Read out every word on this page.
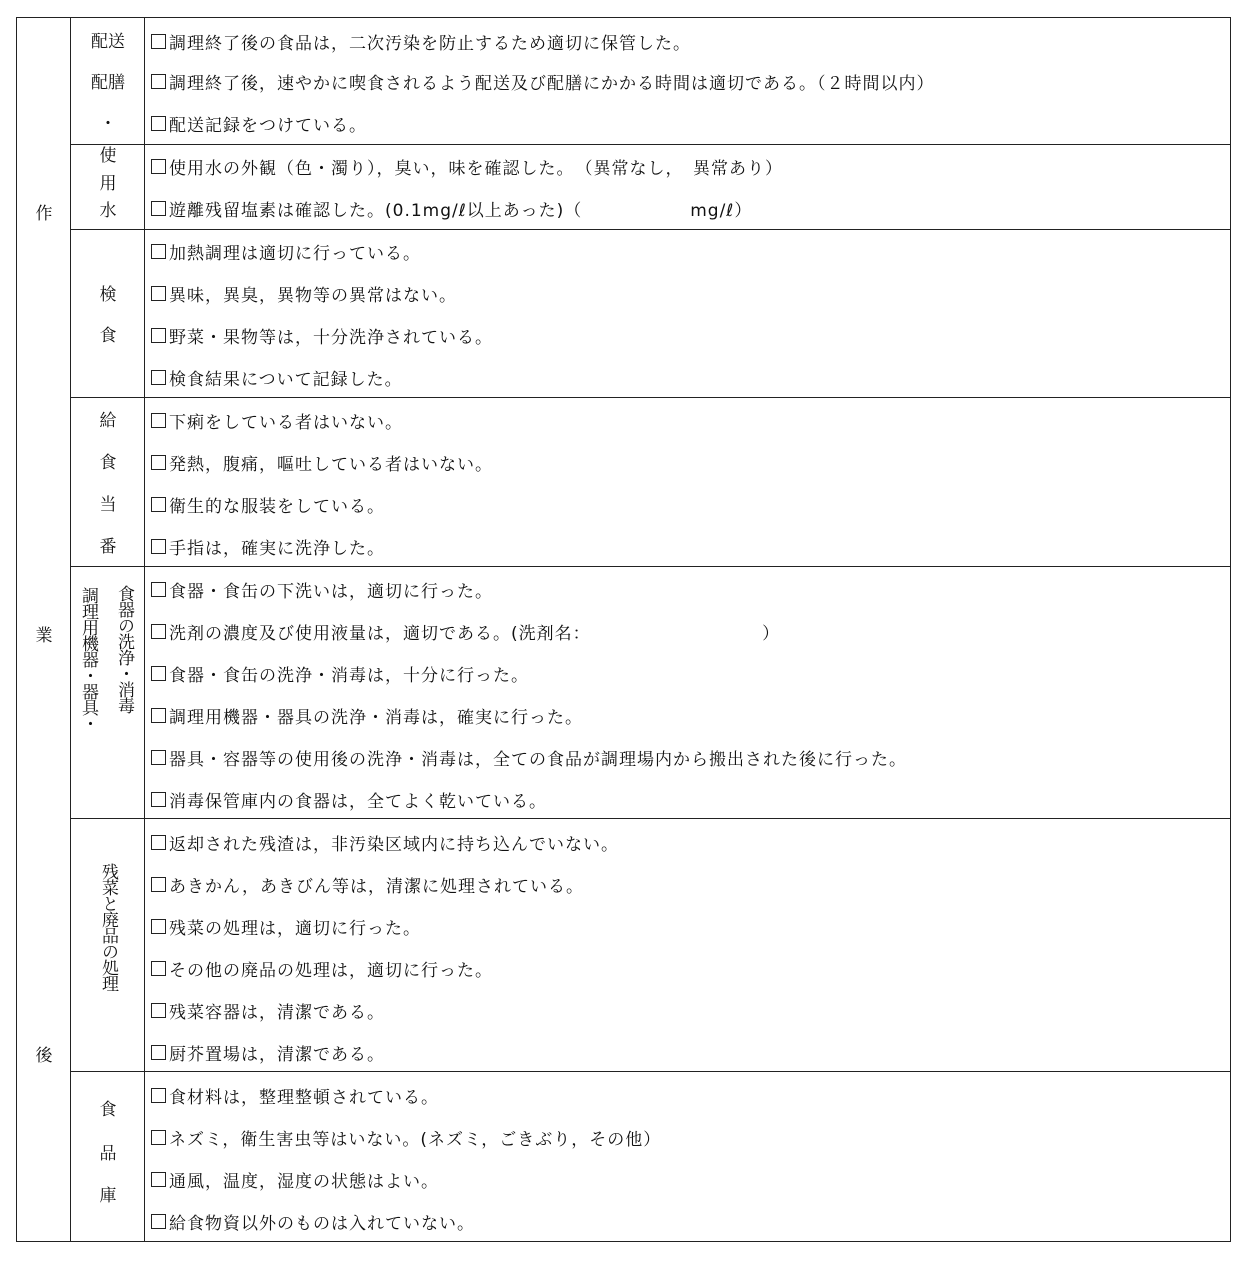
作
業
後
配送
配膳
・
調理終了後の食品は，二次汚染を防止するため適切に保管した。
調理終了後，速やかに喫食されるよう配送及び配膳にかかる時間は適切である。（２時間以内）
配送記録をつけている。
使
用
水
使用水の外観（色・濁り），臭い，味を確認した。　（異常なし，　異常あり）
遊離残留塩素は確認した。(0.1mg/ℓ以上あった)（　　　　　　mg/ℓ）
検
食
加熱調理は適切に行っている。
異味，異臭，異物等の異常はない。
野菜・果物等は，十分洗浄されている。
検食結果について記録した。
給
食
当
番
下痢をしている者はいない。
発熱，腹痛，嘔吐している者はいない。
衛生的な服装をしている。
手指は，確実に洗浄した。
調理用機器・器具・ 食器の洗浄・消毒 食器・食缶の下洗いは，適切に行った。
洗剤の濃度及び使用液量は，適切である。(洗剤名：　　　　　　　　　　）
食器・食缶の洗浄・消毒は，十分に行った。
調理用機器・器具の洗浄・消毒は，確実に行った。
器具・容器等の使用後の洗浄・消毒は，全ての食品が調理場内から搬出された後に行った。
消毒保管庫内の食器は，全てよく乾いている。
残菜と廃品の処理
返却された残渣は，非汚染区域内に持ち込んでいない。
あきかん，あきびん等は，清潔に処理されている。
残菜の処理は，適切に行った。
その他の廃品の処理は，適切に行った。
残菜容器は，清潔である。
厨芥置場は，清潔である。
食
品
庫
食材料は，整理整頓されている。
ネズミ，衛生害虫等はいない。(ネズミ，ごきぶり，その他）
通風，温度，湿度の状態はよい。
給食物資以外のものは入れていない。
